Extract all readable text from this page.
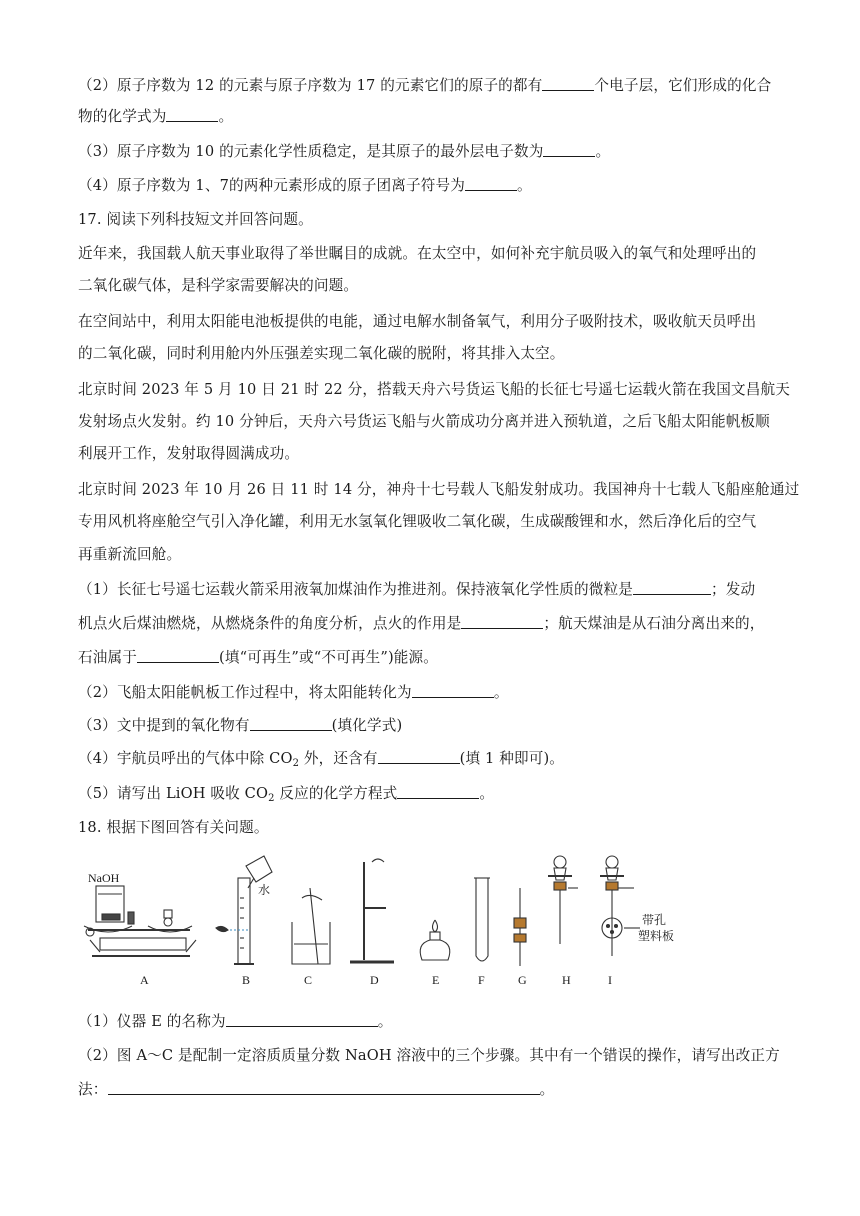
（2）原子序数为 12 的元素与原子序数为 17 的元素它们的原子的都有	个电子层，它们形成的化合
物的化学式为	。
（3）原子序数为 10 的元素化学性质稳定，是其原子的最外层电子数为	。
（4）原子序数为 1、7的两种元素形成的原子团离子符号为	。
17. 阅读下列科技短文并回答问题。
近年来，我国载人航天事业取得了举世瞩目的成就。在太空中，如何补充宇航员吸入的氧气和处理呼出的
二氧化碳气体，是科学家需要解决的问题。
在空间站中，利用太阳能电池板提供的电能，通过电解水制备氧气，利用分子吸附技术，吸收航天员呼出
的二氧化碳，同时利用舱内外压强差实现二氧化碳的脱附，将其排入太空。
北京时间 2023 年 5 月 10 日 21 时 22 分，搭载天舟六号货运飞船的长征七号遥七运载火箭在我国文昌航天
发射场点火发射。约 10 分钟后，天舟六号货运飞船与火箭成功分离并进入预轨道，之后飞船太阳能帆板顺
利展开工作，发射取得圆满成功。
北京时间 2023 年 10 月 26 日 11 时 14 分，神舟十七号载人飞船发射成功。我国神舟十七载人飞船座舱通过
专用风机将座舱空气引入净化罐，利用无水氢氧化锂吸收二氧化碳，生成碳酸锂和水，然后净化后的空气
再重新流回舱。
（1）长征七号遥七运载火箭采用液氧加煤油作为推进剂。保持液氧化学性质的微粒是	；发动
机点火后煤油燃烧，从燃烧条件的角度分析，点火的作用是	；航天煤油是从石油分离出来的，
石油属于	(填“可再生”或“不可再生”)能源。
（2）飞船太阳能帆板工作过程中，将太阳能转化为	。
（3）文中提到的氧化物有	(填化学式)
（4）宇航员呼出的气体中除 $CO_2$ 外，还含有	(填 1 种即可)。
（5）请写出 LiOH 吸收 $CO_2$ 反应的化学方程式	。
18. 根据下图回答有关问题。
NaOH
水
带孔
塑料板
A	B	C	D	E	F	G	H	I
（1）仪器 E 的名称为	。
（2）图 A～C 是配制一定溶质质量分数 NaOH 溶液中的三个步骤。其中有一个错误的操作，请写出改正方
法：	。
